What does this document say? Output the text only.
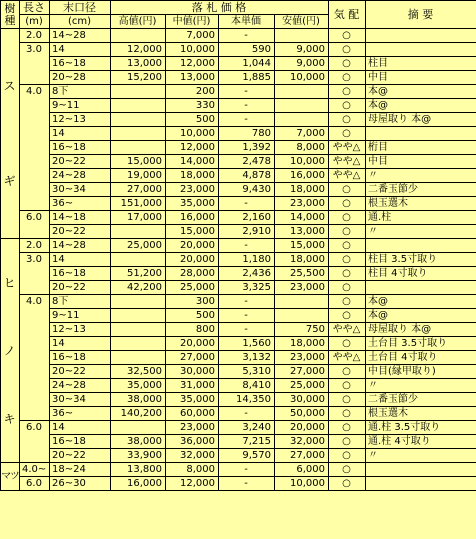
樹種	長さ	末口径	落 札 価 格				気 配	摘 要
	(m)	(cm)	高値(円)	中値(円)	本単価	安値(円)		

ス
ギ	2.0	14~28		7,000	-		○	
	3.0	14	12,000	10,000	590	9,000	○	
		16~18	13,000	12,000	1,044	9,000	○	柱目
		20~28	15,200	13,000	1,885	10,000	○	中目
	4.0	8下		200	-		○	本@
		9~11		330	-		○	本@
		12~13		500	-		○	母屋取り 本@
		14		10,000	780	7,000	○	
		16~18		12,000	1,392	8,000	やや△	桁目
		20~22	15,000	14,000	2,478	10,000	やや△	中目
		24~28	19,000	18,000	4,878	16,000	やや△	〃
		30~34	27,000	23,000	9,430	18,000	○	二番玉節少
		36~	151,000	35,000	-	23,000	○	根玉選木
	6.0	14~18	17,000	16,000	2,160	14,000	○	通.柱
		20~22		15,000	2,910	13,000	○	〃

ヒ
ノ
キ	2.0	14~28	25,000	20,000	-	15,000	○	
	3.0	14		20,000	1,180	18,000	○	柱目 3.5寸取り
		16~18	51,200	28,000	2,436	25,500	○	柱目 4寸取り
		20~22	42,200	25,000	3,325	23,000	○	
	4.0	8下		300	-		○	本@
		9~11		500	-		○	本@
		12~13		800	-	750	やや△	母屋取り 本@
		14		20,000	1,560	18,000	○	土台目 3.5寸取り
		16~18		27,000	3,132	23,000	やや△	土台目 4寸取り
		20~22	32,500	30,000	5,310	27,000	○	中目(縁甲取り)
		24~28	35,000	31,000	8,410	25,000	○	〃
		30~34	38,000	35,000	14,350	30,000	○	二番玉節少
		36~	140,200	60,000	-	50,000	○	根玉選木
	6.0	14		23,000	3,240	20,000	○	通.柱 3.5寸取り
		16~18	38,000	36,000	7,215	32,000	○	通.柱 4寸取り
		20~22	33,900	32,000	9,570	27,000	○	〃
マツ	4.0~	18~24	13,800	8,000	-	6,000	○	
	6.0	26~30	16,000	12,000	-	10,000	○	
